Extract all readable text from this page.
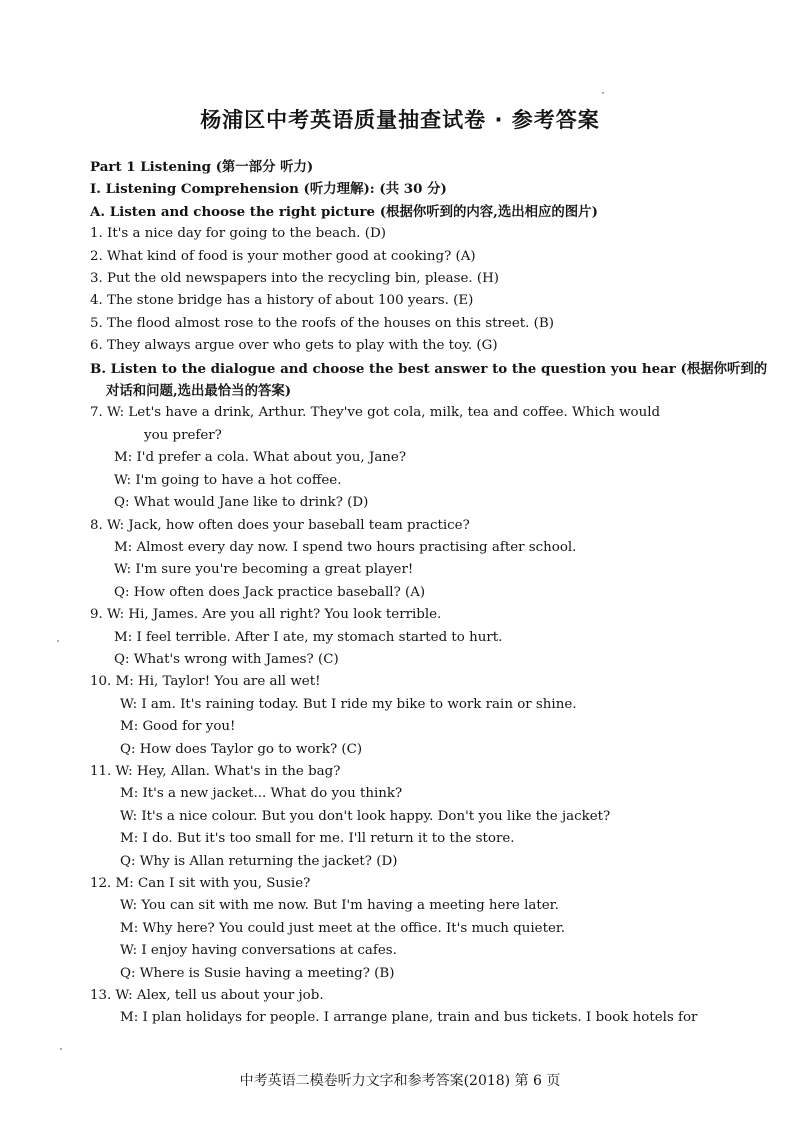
杨浦区中考英语质量抽查试卷 · 参考答案
Part 1 Listening (第一部分 听力)
Ⅰ. Listening Comprehension (听力理解): (共 30 分)
A. Listen and choose the right picture (根据你听到的内容,选出相应的图片)
1. It's a nice day for going to the beach. (D)
2. What kind of food is your mother good at cooking? (A)
3. Put the old newspapers into the recycling bin, please. (H)
4. The stone bridge has a history of about 100 years. (E)
5. The flood almost rose to the roofs of the houses on this street. (B)
6. They always argue over who gets to play with the toy. (G)
B. Listen to the dialogue and choose the best answer to the question you hear (根据你听到的
对话和问题,选出最恰当的答案)
7. W: Let's have a drink, Arthur. They've got cola, milk, tea and coffee. Which would
you prefer?
M: I'd prefer a cola. What about you, Jane?
W: I'm going to have a hot coffee.
Q: What would Jane like to drink? (D)
8. W: Jack, how often does your baseball team practice?
M: Almost every day now. I spend two hours practising after school.
W: I'm sure you're becoming a great player!
Q: How often does Jack practice baseball? (A)
9. W: Hi, James. Are you all right? You look terrible.
M: I feel terrible. After I ate, my stomach started to hurt.
Q: What's wrong with James? (C)
10. M: Hi, Taylor! You are all wet!
W: I am. It's raining today. But I ride my bike to work rain or shine.
M: Good for you!
Q: How does Taylor go to work? (C)
11. W: Hey, Allan. What's in the bag?
M: It's a new jacket... What do you think?
W: It's a nice colour. But you don't look happy. Don't you like the jacket?
M: I do. But it's too small for me. I'll return it to the store.
Q: Why is Allan returning the jacket? (D)
12. M: Can I sit with you, Susie?
W: You can sit with me now. But I'm having a meeting here later.
M: Why here? You could just meet at the office. It's much quieter.
W: I enjoy having conversations at cafes.
Q: Where is Susie having a meeting? (B)
13. W: Alex, tell us about your job.
M: I plan holidays for people. I arrange plane, train and bus tickets. I book hotels for
中考英语二模卷听力文字和参考答案(2018) 第 6 页
